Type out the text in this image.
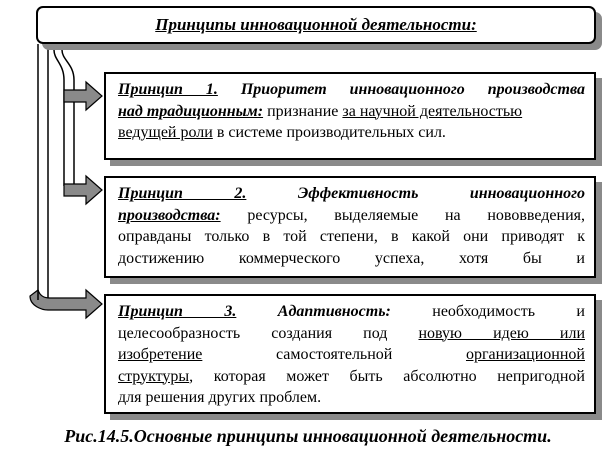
Принципы инновационной деятельности:
Принцип 1. Приоритет инновационного производства
над традиционным: признание за научной деятельностью
ведущей роли в системе производительных сил.
Принцип 2.	Эффективность инновационного
производства: ресурсы, выделяемые на нововведения,
оправданы только в той степени, в какой они приводят к
достижению коммерческого успеха, хотя бы и
Принцип 3.	Адаптивность:	необходимость и
целесообразность создания под новую идею или
изобретение	самостоятельной	организационной
структуры, которая может быть абсолютно непригодной
для решения других проблем.
Рис.14.5.Основные принципы инновационной деятельности.
